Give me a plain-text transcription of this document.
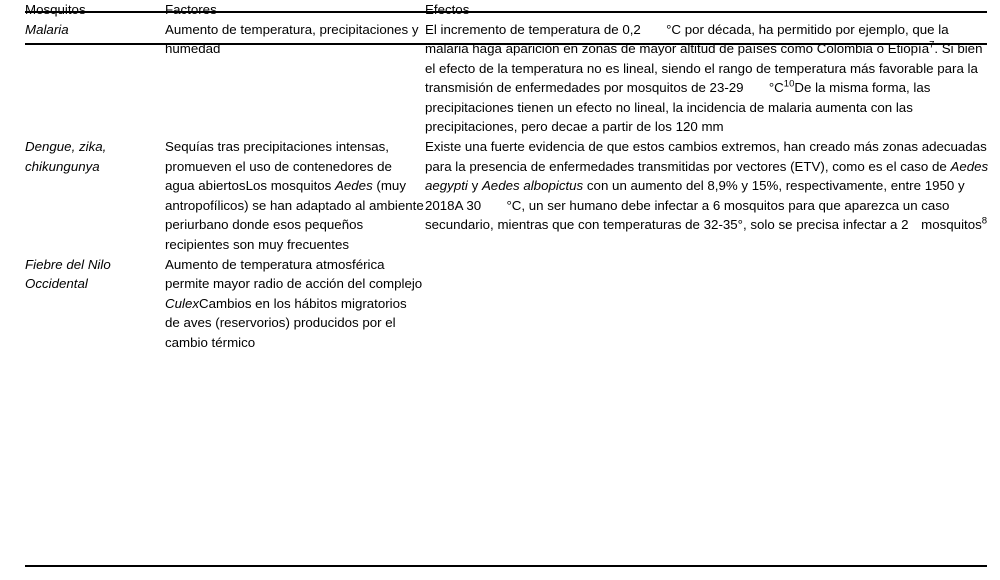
	Mosquitos	Factores	Efectos
	Malaria	Aumento de temperatura, precipitaciones y humedad	El incremento de temperatura de 0,2 °C por década, ha permitido por ejemplo, que la malaria haga aparición en zonas de mayor altitud de países como Colombia o Etiopía$^7$. Si bien el efecto de la temperatura no es lineal, siendo el rango de temperatura más favorable para la transmisión de enfermedades por mosquitos de 23-29 $^\circ C^{10}De$ la misma forma, las precipitaciones tienen un efecto no lineal, la incidencia de malaria aumenta con las precipitaciones, pero decae a partir de los 120 mm
	Dengue, zika, chikungunya	Sequías tras precipitaciones intensas, promueven el uso de contenedores de agua abiertosLos mosquitos Aedes (muy antropofílicos) se han adaptado al ambiente periurbano donde esos pequeños recipientes son muy frecuentes	Existe una fuerte evidencia de que estos cambios extremos, han creado más zonas adecuadas para la presencia de enfermedades transmitidas por vectores (ETV), como es el caso de Aedes aegypti y Aedes albopictus con un aumento del 8,9% y 15%, respectivamente, entre 1950 y 2018A 30 °C, un ser humano debe infectar a 6 mosquitos para que aparezca un caso secundario, mientras que con temperaturas de 32-35°, solo se precisa infectar a 2 mosquitos$^8$
	Fiebre del Nilo Occidental	Aumento de temperatura atmosférica permite mayor radio de acción del complejo CulexCambios en los hábitos migratorios de aves (reservorios) producidos por el cambio térmico	
